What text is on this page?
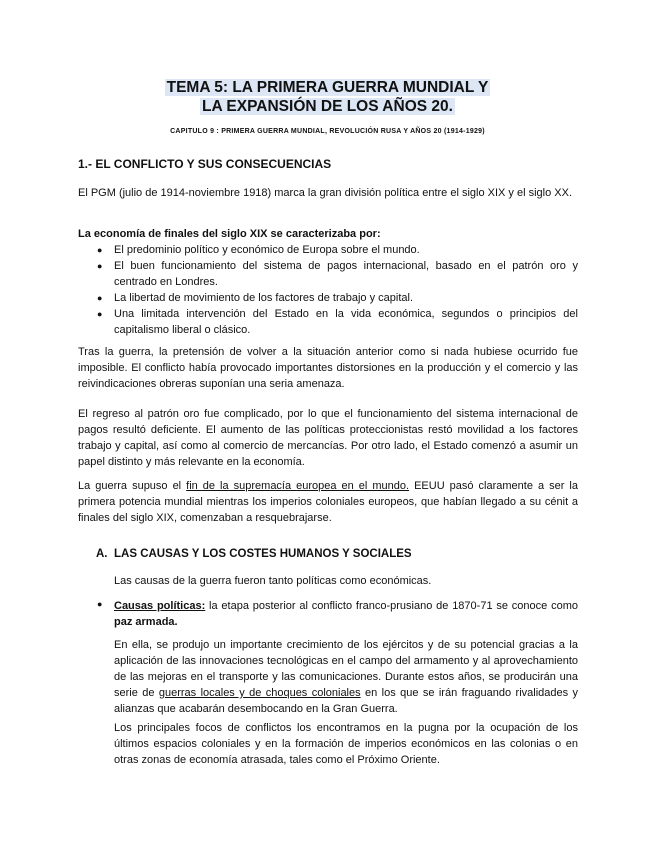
TEMA 5: LA PRIMERA GUERRA MUNDIAL Y
LA EXPANSIÓN DE LOS AÑOS 20.
CAPITULO 9 : PRIMERA GUERRA MUNDIAL, REVOLUCIÓN RUSA Y AÑOS 20 (1914-1929)
1.- EL CONFLICTO Y SUS CONSECUENCIAS

El PGM (julio de 1914-noviembre 1918) marca la gran división política entre el siglo XIX y el siglo XX.

La economía de finales del siglo XIX se caracterizaba por:

● El predominio político y económico de Europa sobre el mundo.
● El buen funcionamiento del sistema de pagos internacional, basado en el patrón oro y centrado en Londres.
● La libertad de movimiento de los factores de trabajo y capital.
● Una limitada intervención del Estado en la vida económica, segundos o principios del capitalismo liberal o clásico.

Tras la guerra, la pretensión de volver a la situación anterior como si nada hubiese ocurrido fue imposible. El conflicto había provocado importantes distorsiones en la producción y el comercio y las reivindicaciones obreras suponían una seria amenaza.

El regreso al patrón oro fue complicado, por lo que el funcionamiento del sistema internacional de pagos resultó deficiente. El aumento de las políticas proteccionistas restó movilidad a los factores trabajo y capital, así como al comercio de mercancías. Por otro lado, el Estado comenzó a asumir un papel distinto y más relevante en la economía.

La guerra supuso el fin de la supremacía europea en el mundo. EEUU pasó claramente a ser la primera potencia mundial mientras los imperios coloniales europeos, que habían llegado a su cénit a finales del siglo XIX, comenzaban a resquebrajarse.

A. LAS CAUSAS Y LOS COSTES HUMANOS Y SOCIALES

Las causas de la guerra fueron tanto políticas como económicas.

● Causas políticas: la etapa posterior al conflicto franco-prusiano de 1870-71 se conoce como paz armada.

En ella, se produjo un importante crecimiento de los ejércitos y de su potencial gracias a la aplicación de las innovaciones tecnológicas en el campo del armamento y al aprovechamiento de las mejoras en el transporte y las comunicaciones. Durante estos años, se producirán una serie de guerras locales y de choques coloniales en los que se irán fraguando rivalidades y alianzas que acabarán desembocando en la Gran Guerra.

Los principales focos de conflictos los encontramos en la pugna por la ocupación de los últimos espacios coloniales y en la formación de imperios económicos en las colonias o en otras zonas de economía atrasada, tales como el Próximo Oriente.
